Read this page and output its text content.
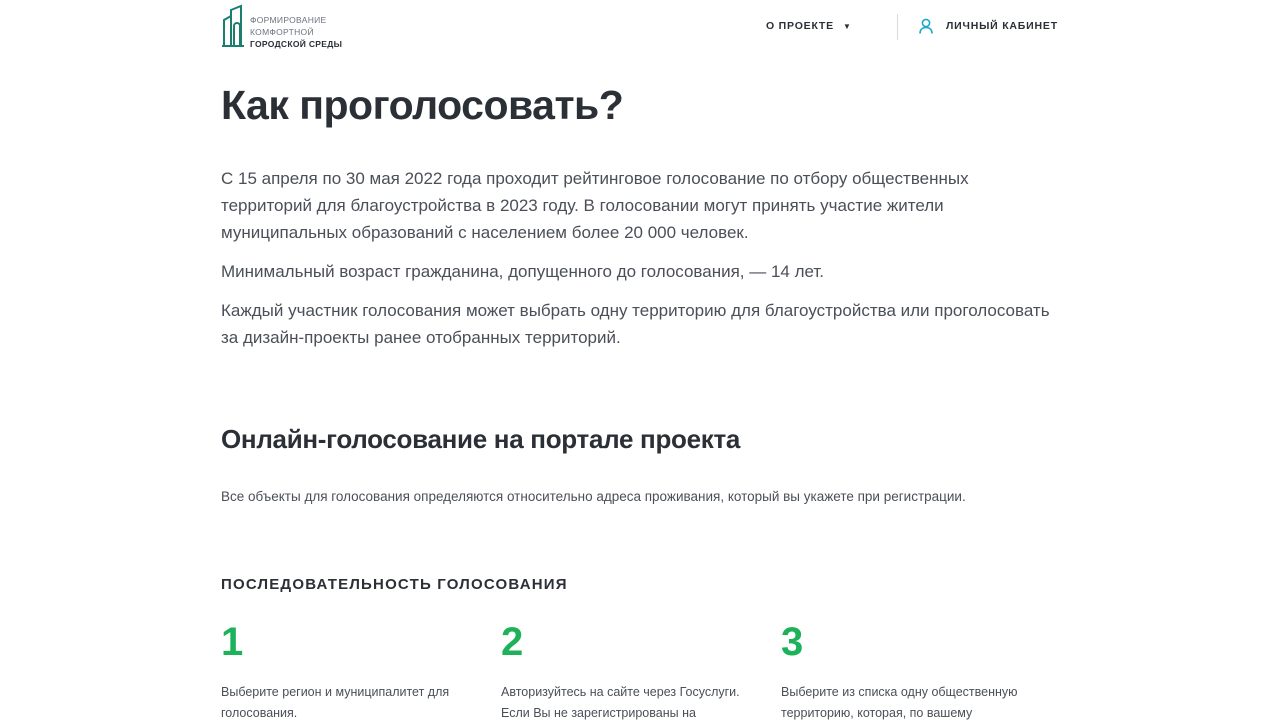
ФОРМИРОВАНИЕ
КОМФОРТНОЙ
ГОРОДСКОЙ СРЕДЫ
О ПРОЕКТЕ ▼	ЛИЧНЫЙ КАБИНЕТ
Как проголосовать?

С 15 апреля по 30 мая 2022 года проходит рейтинговое голосование по отбору общественных территорий для благоустройства в 2023 году. В голосовании могут принять участие жители муниципальных образований с населением более 20 000 человек.

Минимальный возраст гражданина, допущенного до голосования, — 14 лет.

Каждый участник голосования может выбрать одну территорию для благоустройства или проголосовать за дизайн-проекты ранее отобранных территорий.

Онлайн-голосование на портале проекта

Все объекты для голосования определяются относительно адреса проживания, который вы укажете при регистрации.

ПОСЛЕДОВАТЕЛЬНОСТЬ ГОЛОСОВАНИЯ

1

Выберите регион и муниципалитет для голосования.

2

Авторизуйтесь на сайте через Госуслуги. Если Вы не зарегистрированы на

3

Выберите из списка одну общественную территорию, которая, по вашему
